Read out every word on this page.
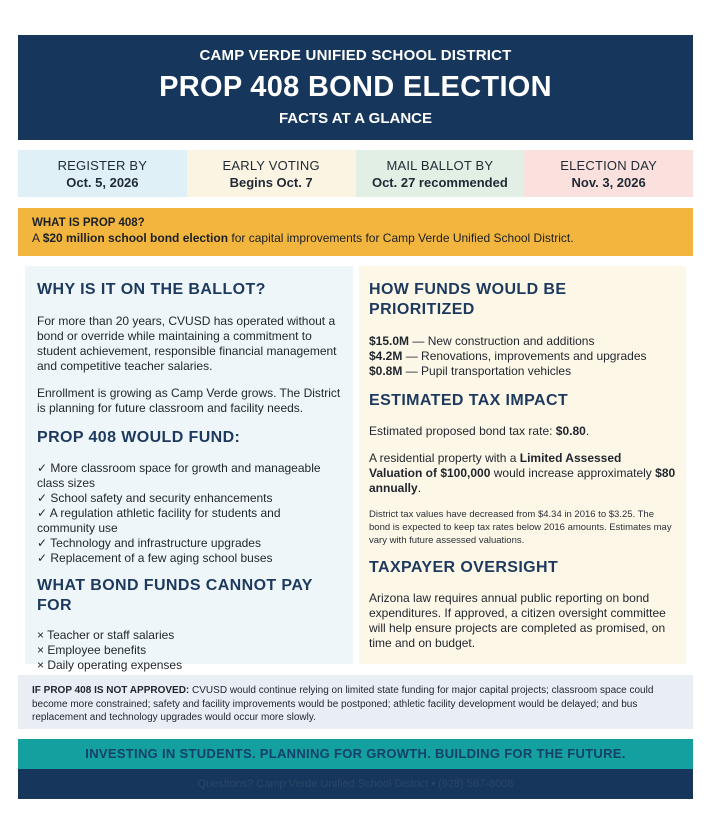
CAMP VERDE UNIFIED SCHOOL DISTRICT
PROP 408 BOND ELECTION
FACTS AT A GLANCE
REGISTER BY
Oct. 5, 2026
EARLY VOTING
Begins Oct. 7
MAIL BALLOT BY
Oct. 27 recommended
ELECTION DAY
Nov. 3, 2026
WHAT IS PROP 408?
A $20 million school bond election for capital improvements for Camp Verde Unified School District.
WHY IS IT ON THE BALLOT?

For more than 20 years, CVUSD has operated without a bond or override while maintaining a commitment to student achievement, responsible financial management and competitive teacher salaries.

Enrollment is growing as Camp Verde grows. The District is planning for future classroom and facility needs.

PROP 408 WOULD FUND:
✓ More classroom space for growth and manageable class sizes
✓ School safety and security enhancements
✓ A regulation athletic facility for students and community use
✓ Technology and infrastructure upgrades
✓ Replacement of a few aging school buses
WHAT BOND FUNDS CANNOT PAY FOR
× Teacher or staff salaries
× Employee benefits
× Daily operating expenses
HOW FUNDS WOULD BE PRIORITIZED
$15.0M — New construction and additions
$4.2M — Renovations, improvements and upgrades
$0.8M — Pupil transportation vehicles
ESTIMATED TAX IMPACT

Estimated proposed bond tax rate: $0.80.

A residential property with a Limited Assessed Valuation of $100,000 would increase approximately $80 annually.

District tax values have decreased from $4.34 in 2016 to $3.25. The bond is expected to keep tax rates below 2016 amounts. Estimates may vary with future assessed valuations.

TAXPAYER OVERSIGHT

Arizona law requires annual public reporting on bond expenditures. If approved, a citizen oversight committee will help ensure projects are completed as promised, on time and on budget.

IF PROP 408 IS NOT APPROVED: CVUSD would continue relying on limited state funding for major capital projects; classroom space could become more constrained; safety and facility improvements would be postponed; athletic facility development would be delayed; and bus replacement and technology upgrades would occur more slowly.
INVESTING IN STUDENTS. PLANNING FOR GROWTH. BUILDING FOR THE FUTURE.
Questions? Camp Verde Unified School District • (928) 567-8008
